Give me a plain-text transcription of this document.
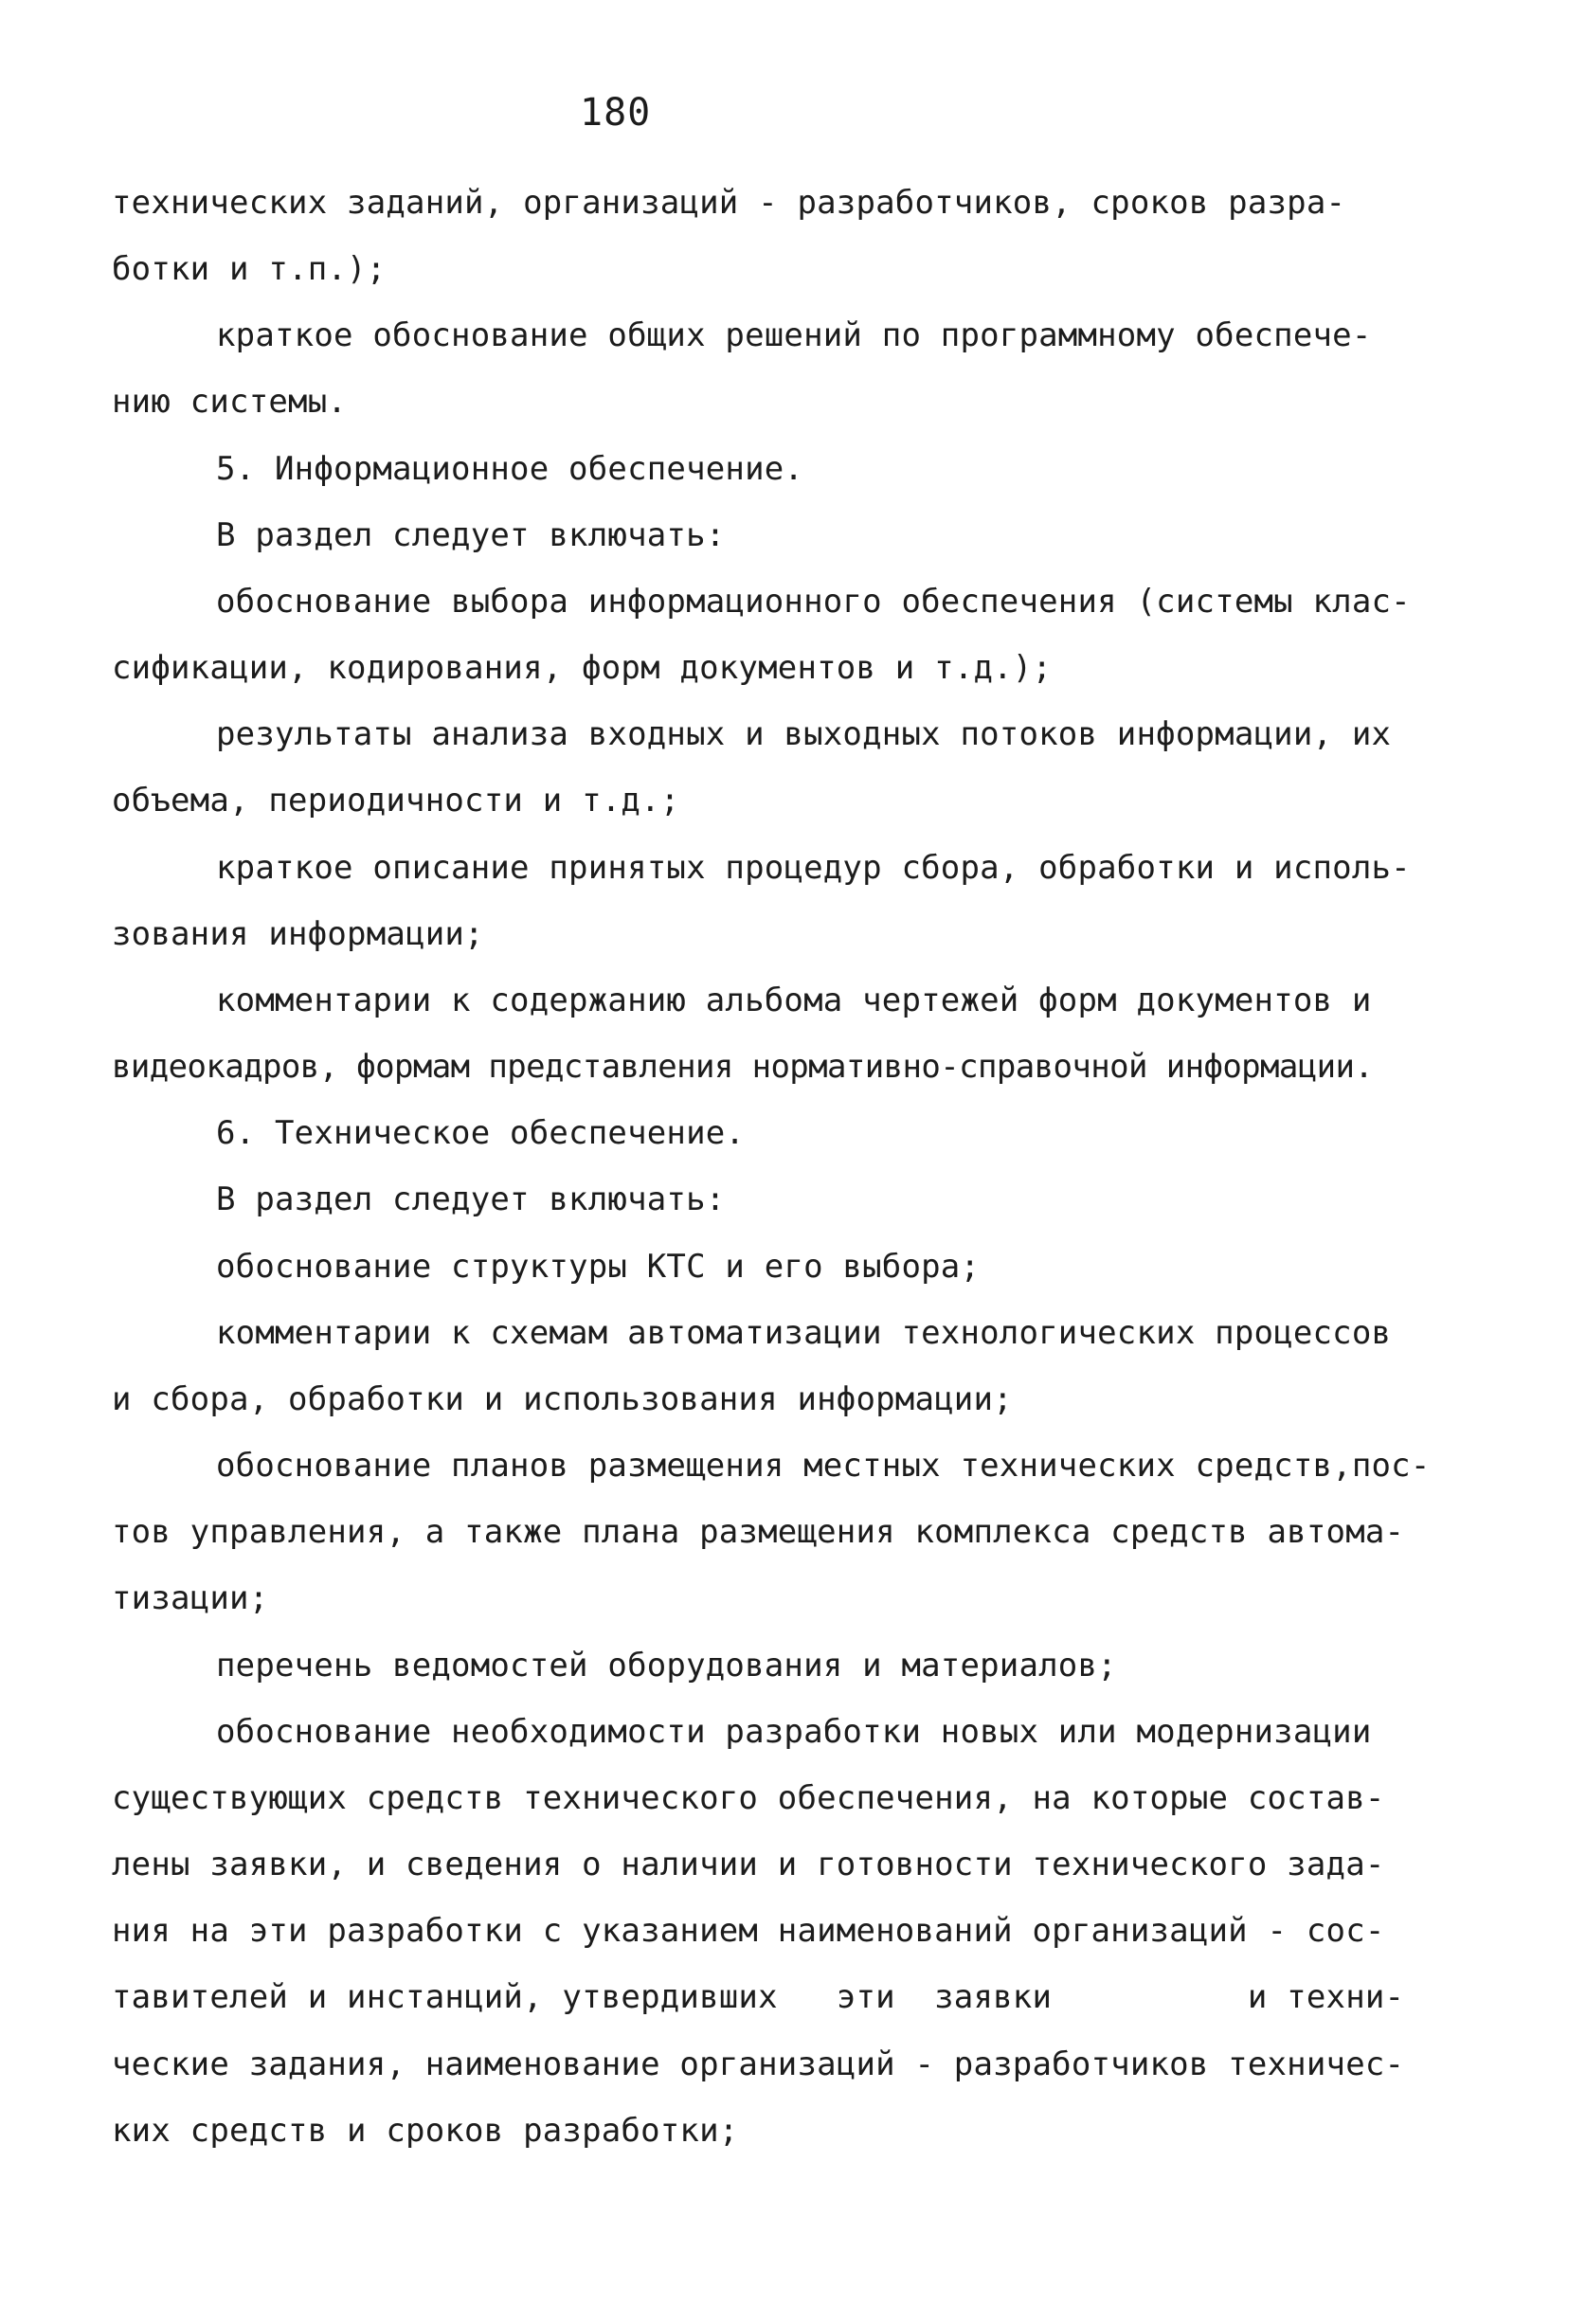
180
технических заданий, организаций - разработчиков, сроков разра-
ботки и т.п.);
краткое обоснование общих решений по программному обеспече-
нию системы.
5. Информационное обеспечение.
В раздел следует включать:
обоснование выбора информационного обеспечения (системы клас-
сификации, кодирования, форм документов и т.д.);
результаты анализа входных и выходных потоков информации, их
объема, периодичности и т.д.;
краткое описание принятых процедур сбора, обработки и исполь-
зования информации;
комментарии к содержанию альбома чертежей форм документов и
видеокадров, формам представления нормативно-справочной информации.
6. Техническое обеспечение.
В раздел следует включать:
обоснование структуры КТС и его выбора;
комментарии к схемам автоматизации технологических процессов
и сбора, обработки и использования информации;
обоснование планов размещения местных технических средств,пос-
тов управления, а также плана размещения комплекса средств автома-
тизации;
перечень ведомостей оборудования и материалов;
обоснование необходимости разработки новых или модернизации
существующих средств технического обеспечения, на которые состав-
лены заявки, и сведения о наличии и готовности технического зада-
ния на эти разработки с указанием наименований организаций - сос-
тавителей и инстанций, утвердивших   эти  заявки          и техни-
ческие задания, наименование организаций - разработчиков техничес-
ких средств и сроков разработки;
